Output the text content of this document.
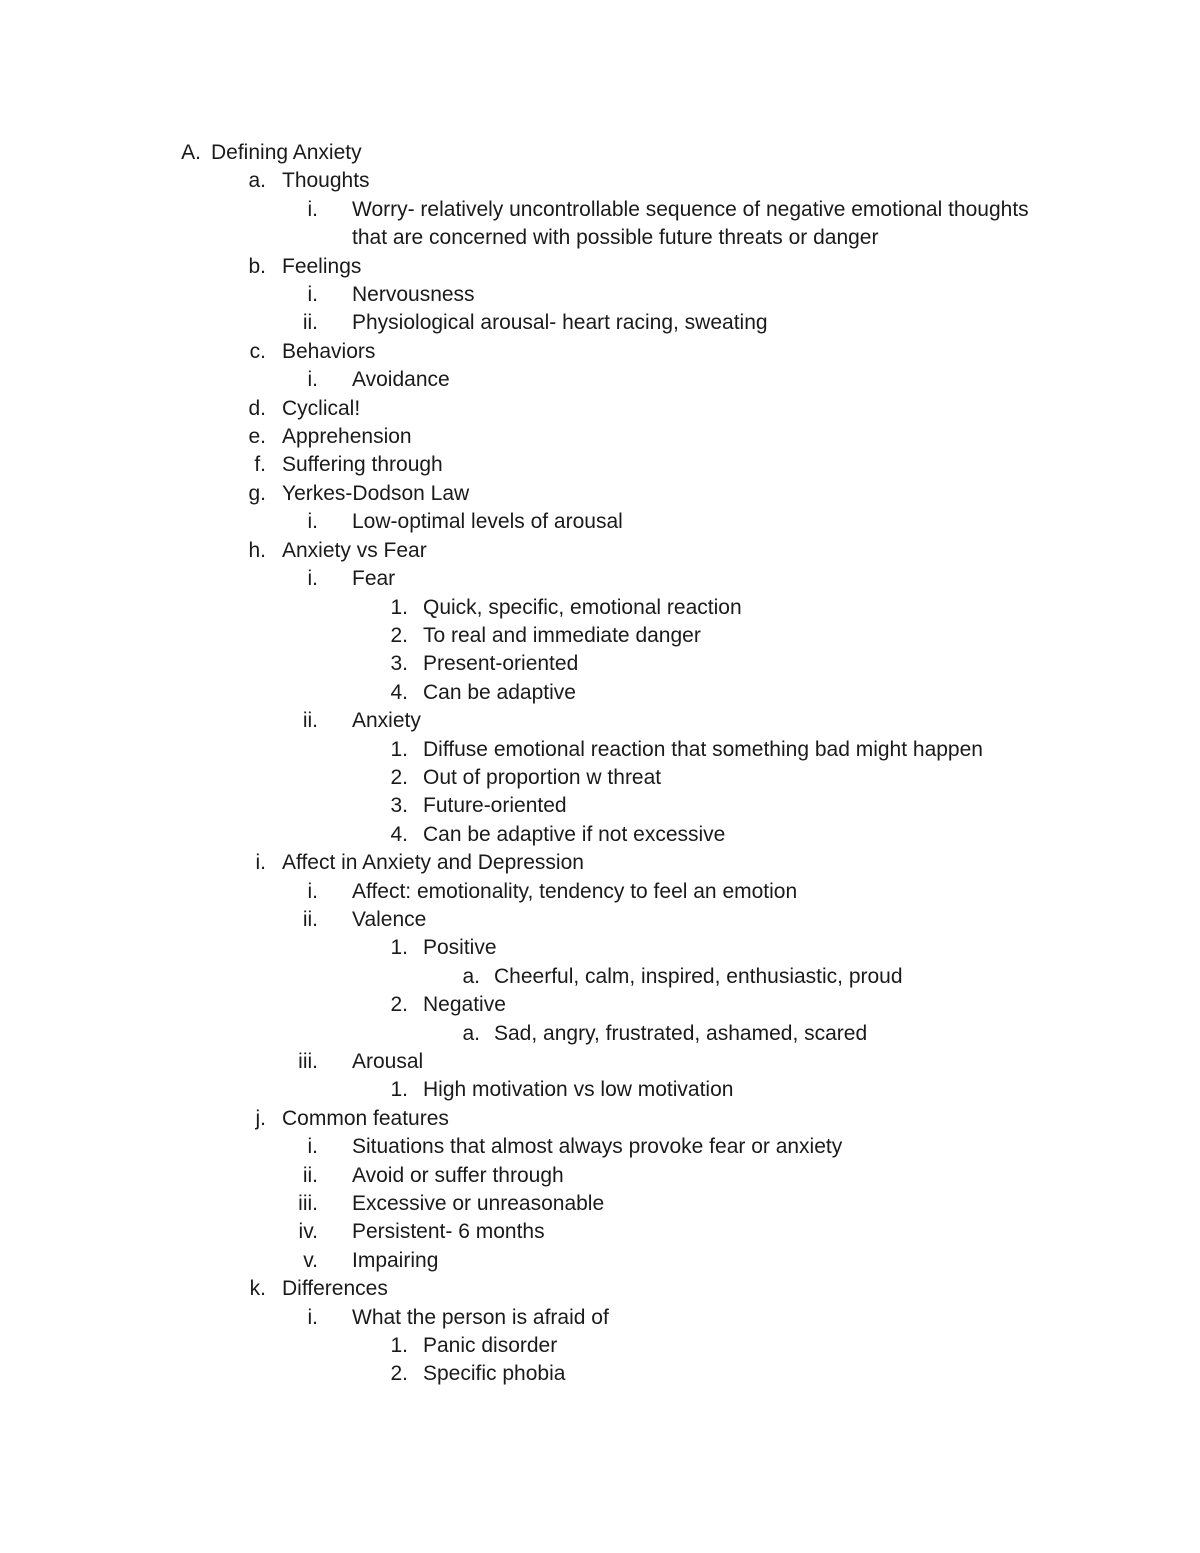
A. Defining Anxiety
a. Thoughts
i. Worry- relatively uncontrollable sequence of negative emotional thoughts that are concerned with possible future threats or danger
b. Feelings
i. Nervousness
ii. Physiological arousal- heart racing, sweating
c. Behaviors
i. Avoidance
d. Cyclical!
e. Apprehension
f. Suffering through
g. Yerkes-Dodson Law
i. Low-optimal levels of arousal
h. Anxiety vs Fear
i. Fear
1. Quick, specific, emotional reaction
2. To real and immediate danger
3. Present-oriented
4. Can be adaptive
ii. Anxiety
1. Diffuse emotional reaction that something bad might happen
2. Out of proportion w threat
3. Future-oriented
4. Can be adaptive if not excessive
i. Affect in Anxiety and Depression
i. Affect: emotionality, tendency to feel an emotion
ii. Valence
1. Positive
a. Cheerful, calm, inspired, enthusiastic, proud
2. Negative
a. Sad, angry, frustrated, ashamed, scared
iii. Arousal
1. High motivation vs low motivation
j. Common features
i. Situations that almost always provoke fear or anxiety
ii. Avoid or suffer through
iii. Excessive or unreasonable
iv. Persistent- 6 months
v. Impairing
k. Differences
i. What the person is afraid of
1. Panic disorder
2. Specific phobia
